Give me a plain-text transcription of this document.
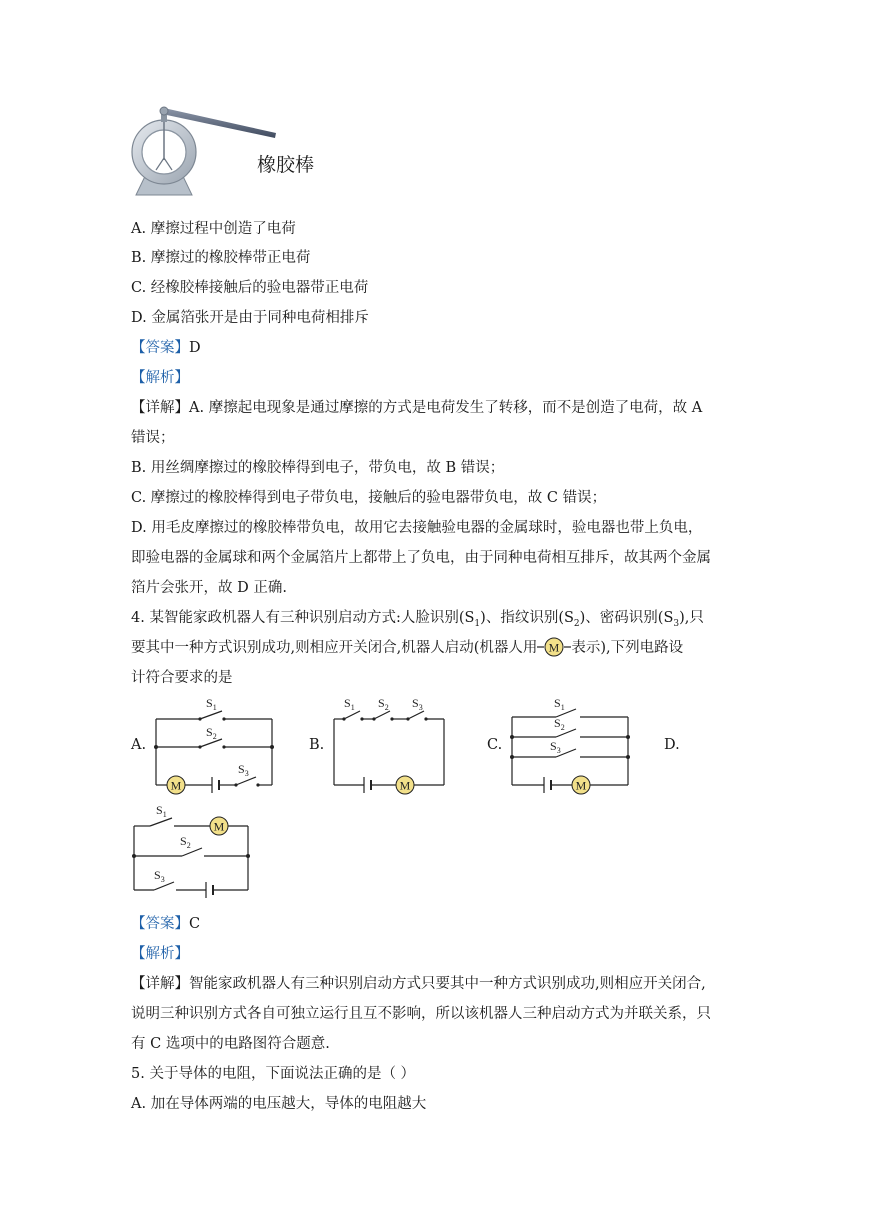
橡胶棒
A. 摩擦过程中创造了电荷
B. 摩擦过的橡胶棒带正电荷
C. 经橡胶棒接触后的验电器带正电荷
D. 金属箔张开是由于同种电荷相排斥
【答案】D
【解析】
【详解】A. 摩擦起电现象是通过摩擦的方式是电荷发生了转移，而不是创造了电荷，故 A
错误；
B. 用丝绸摩擦过的橡胶棒得到电子，带负电，故 B 错误；
C. 摩擦过的橡胶棒得到电子带负电，接触后的验电器带负电，故 C 错误；
D. 用毛皮摩擦过的橡胶棒带负电，故用它去接触验电器的金属球时，验电器也带上负电，
即验电器的金属球和两个金属箔片上都带上了负电，由于同种电荷相互排斥，故其两个金属
箔片会张开，故 D 正确.
4. 某智能家政机器人有三种识别启动方式:人脸识别$(S_1)$、指纹识别$(S_2)$、密码识别$(S_3)$,只
要其中一种方式识别成功,则相应开关闭合,机器人启动(机器人用 M 表示),下列电路设
计符合要求的是
A.	B.	C.	D.
M
$S_1$
$S_2$
$S_3$
M
$S_1$ $S_2$ $S_3$
M
$S_1$
$S_2$
$S_3$
M
$S_1$
$S_2$
$S_3$
【答案】C
【解析】
【详解】智能家政机器人有三种识别启动方式只要其中一种方式识别成功,则相应开关闭合,
说明三种识别方式各自可独立运行且互不影响，所以该机器人三种启动方式为并联关系，只
有 C 选项中的电路图符合题意.
5. 关于导体的电阻，下面说法正确的是（ ）
A. 加在导体两端的电压越大，导体的电阻越大
